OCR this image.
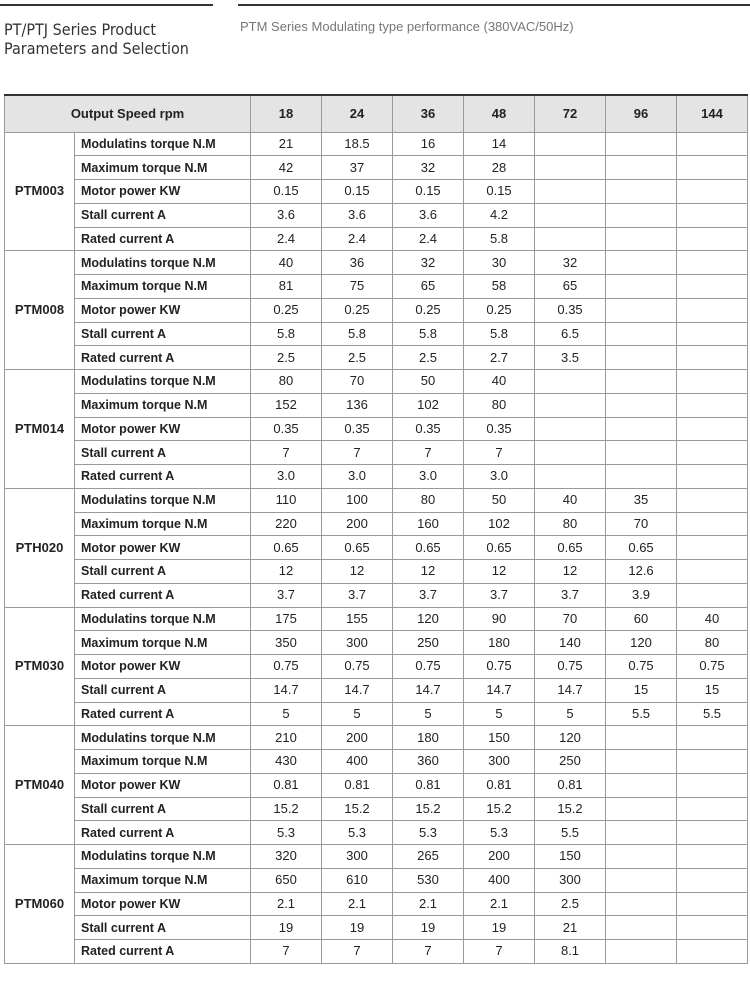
PT/PTJ Series Product
Parameters and Selection
PTM Series Modulating type performance (380VAC/50Hz)
Output Speed rpm		18	24	36	48	72	96	144
PTM003	Modulatins torque N.M	21	18.5	16	14			
	Maximum torque N.M	42	37	32	28			
	Motor power KW	0.15	0.15	0.15	0.15			
	Stall current A	3.6	3.6	3.6	4.2			
	Rated current A	2.4	2.4	2.4	5.8			
PTM008	Modulatins torque N.M	40	36	32	30	32		
	Maximum torque N.M	81	75	65	58	65		
	Motor power KW	0.25	0.25	0.25	0.25	0.35		
	Stall current A	5.8	5.8	5.8	5.8	6.5		
	Rated current A	2.5	2.5	2.5	2.7	3.5		
PTM014	Modulatins torque N.M	80	70	50	40			
	Maximum torque N.M	152	136	102	80			
	Motor power KW	0.35	0.35	0.35	0.35			
	Stall current A	7	7	7	7			
	Rated current A	3.0	3.0	3.0	3.0			
PTH020	Modulatins torque N.M	110	100	80	50	40	35	
	Maximum torque N.M	220	200	160	102	80	70	
	Motor power KW	0.65	0.65	0.65	0.65	0.65	0.65	
	Stall current A	12	12	12	12	12	12.6	
	Rated current A	3.7	3.7	3.7	3.7	3.7	3.9	
PTM030	Modulatins torque N.M	175	155	120	90	70	60	40
	Maximum torque N.M	350	300	250	180	140	120	80
	Motor power KW	0.75	0.75	0.75	0.75	0.75	0.75	0.75
	Stall current A	14.7	14.7	14.7	14.7	14.7	15	15
	Rated current A	5	5	5	5	5	5.5	5.5
PTM040	Modulatins torque N.M	210	200	180	150	120		
	Maximum torque N.M	430	400	360	300	250		
	Motor power KW	0.81	0.81	0.81	0.81	0.81		
	Stall current A	15.2	15.2	15.2	15.2	15.2		
	Rated current A	5.3	5.3	5.3	5.3	5.5		
PTM060	Modulatins torque N.M	320	300	265	200	150		
	Maximum torque N.M	650	610	530	400	300		
	Motor power KW	2.1	2.1	2.1	2.1	2.5		
	Stall current A	19	19	19	19	21		
	Rated current A	7	7	7	7	8.1		
